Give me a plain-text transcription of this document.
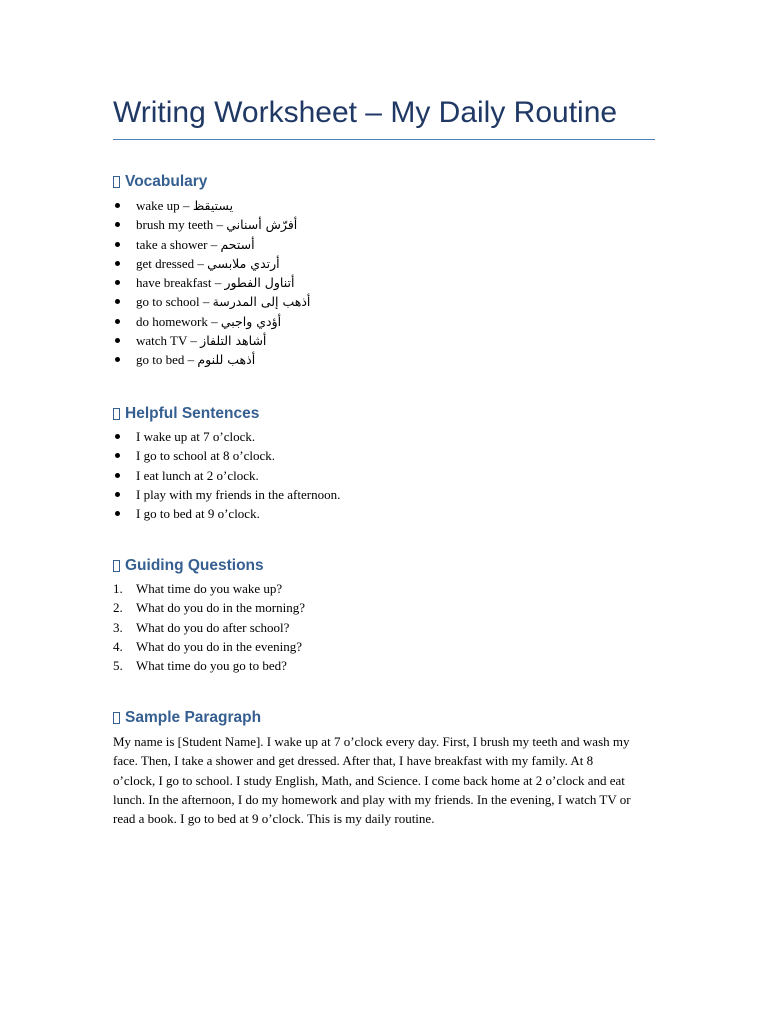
Writing Worksheet – My Daily Routine
Vocabulary
wake up – يستيقظ
brush my teeth – أفرّش أسناني
take a shower – أستحم
get dressed – أرتدي ملابسي
have breakfast – أتناول الفطور
go to school – أذهب إلى المدرسة
do homework – أؤدي واجبي
watch TV – أشاهد التلفاز
go to bed – أذهب للنوم
Helpful Sentences
I wake up at 7 o’clock.
I go to school at 8 o’clock.
I eat lunch at 2 o’clock.
I play with my friends in the afternoon.
I go to bed at 9 o’clock.
Guiding Questions
1. What time do you wake up?
2. What do you do in the morning?
3. What do you do after school?
4. What do you do in the evening?
5. What time do you go to bed?
Sample Paragraph

My name is [Student Name]. I wake up at 7 o’clock every day. First, I brush my teeth and wash my face. Then, I take a shower and get dressed. After that, I have breakfast with my family. At 8 o’clock, I go to school. I study English, Math, and Science. I come back home at 2 o’clock and eat lunch. In the afternoon, I do my homework and play with my friends. In the evening, I watch TV or read a book. I go to bed at 9 o’clock. This is my daily routine.
